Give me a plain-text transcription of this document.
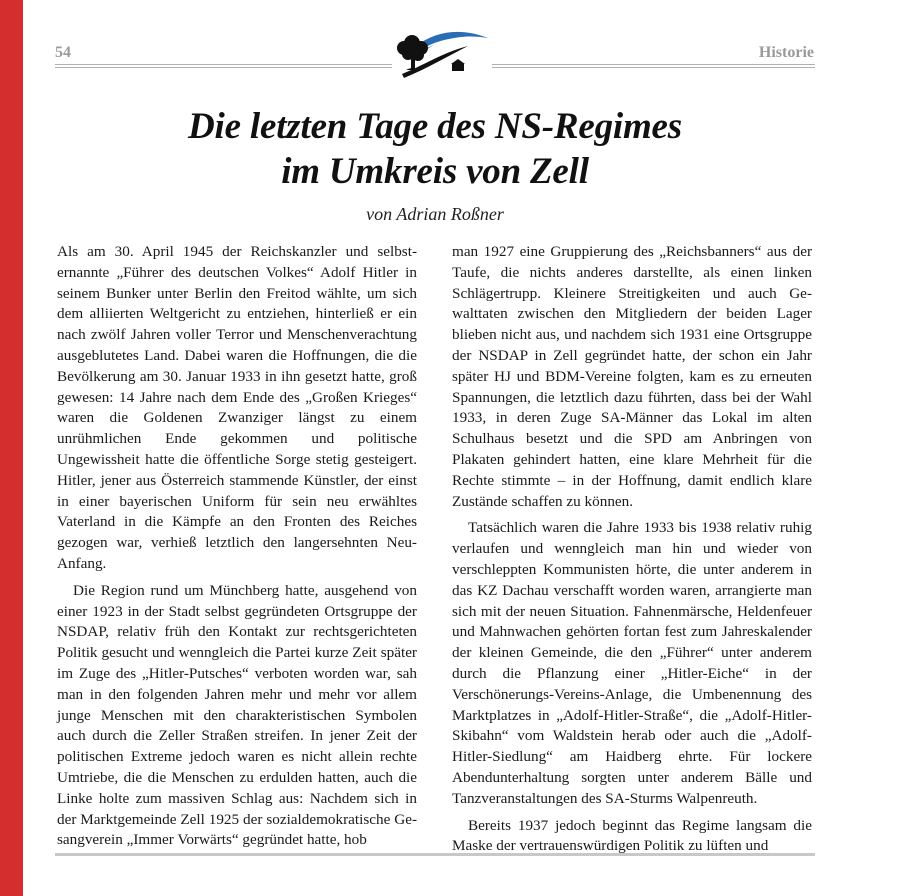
54	Historie
Die letzten Tage des NS-Regimes
im Umkreis von Zell
von Adrian Roßner

Als am 30. April 1945 der Reichskanzler und selbsternannte „Führer des deutschen Volkes“ Adolf Hitler in seinem Bunker unter Berlin den Freitod wählte, um sich dem alliierten Weltgericht zu entziehen, hinterließ er ein nach zwölf Jahren voller Terror und Menschenverachtung ausgeblutetes Land. Dabei waren die Hoffnungen, die die Bevölkerung am 30. Januar 1933 in ihn gesetzt hatte, groß gewesen: 14 Jahre nach dem Ende des „Großen Krieges“ waren die Goldenen Zwanziger längst zu einem unrühmlichen Ende gekommen und politische Ungewissheit hatte die öffentliche Sorge stetig gesteigert. Hitler, jener aus Österreich stammende Künstler, der einst in einer bayerischen Uniform für sein neu erwähltes Vaterland in die Kämpfe an den Fronten des Reiches gezogen war, verhieß letztlich den langersehnten Neu-Anfang.

Die Region rund um Münchberg hatte, ausgehend von einer 1923 in der Stadt selbst gegründeten Ortsgruppe der NSDAP, relativ früh den Kontakt zur rechtsgerichteten Politik gesucht und wenngleich die Partei kurze Zeit später im Zuge des „Hitler-Putsches“ verboten worden war, sah man in den folgenden Jahren mehr und mehr vor allem junge Menschen mit den charakteristischen Symbolen auch durch die Zeller Straßen streifen. In jener Zeit der politischen Extreme jedoch waren es nicht allein rechte Umtriebe, die die Menschen zu erdulden hatten, auch die Linke holte zum massiven Schlag aus: Nachdem sich in der Marktgemeinde Zell 1925 der sozialdemokratische Gesangverein „Immer Vorwärts“ gegründet hatte, hob

man 1927 eine Gruppierung des „Reichsbanners“ aus der Taufe, die nichts anderes darstellte, als einen linken Schlägertrupp. Kleinere Streitigkeiten und auch Gewalttaten zwischen den Mitgliedern der beiden Lager blieben nicht aus, und nachdem sich 1931 eine Ortsgruppe der NSDAP in Zell gegründet hatte, der schon ein Jahr später HJ und BDM-Vereine folgten, kam es zu erneuten Spannungen, die letztlich dazu führten, dass bei der Wahl 1933, in deren Zuge SA-Männer das Lokal im alten Schulhaus besetzt und die SPD am Anbringen von Plakaten gehindert hatten, eine klare Mehrheit für die Rechte stimmte – in der Hoffnung, damit endlich klare Zustände schaffen zu können.

Tatsächlich waren die Jahre 1933 bis 1938 relativ ruhig verlaufen und wenngleich man hin und wieder von verschleppten Kommunisten hörte, die unter anderem in das KZ Dachau verschafft worden waren, arrangierte man sich mit der neuen Situation. Fahnenmärsche, Heldenfeuer und Mahnwachen gehörten fortan fest zum Jahreskalender der kleinen Gemeinde, die den „Führer“ unter anderem durch die Pflanzung einer „Hitler-Eiche“ in der Verschönerungs-Vereins-Anlage, die Umbenennung des Marktplatzes in „Adolf-Hitler-Straße“, die „Adolf-Hitler-Skibahn“ vom Waldstein herab oder auch die „Adolf-Hitler-Siedlung“ am Haidberg ehrte. Für lockere Abendunterhaltung sorgten unter anderem Bälle und Tanzveranstaltungen des SA-Sturms Walpenreuth.

Bereits 1937 jedoch beginnt das Regime langsam die Maske der vertrauenswürdigen Politik zu lüften und
